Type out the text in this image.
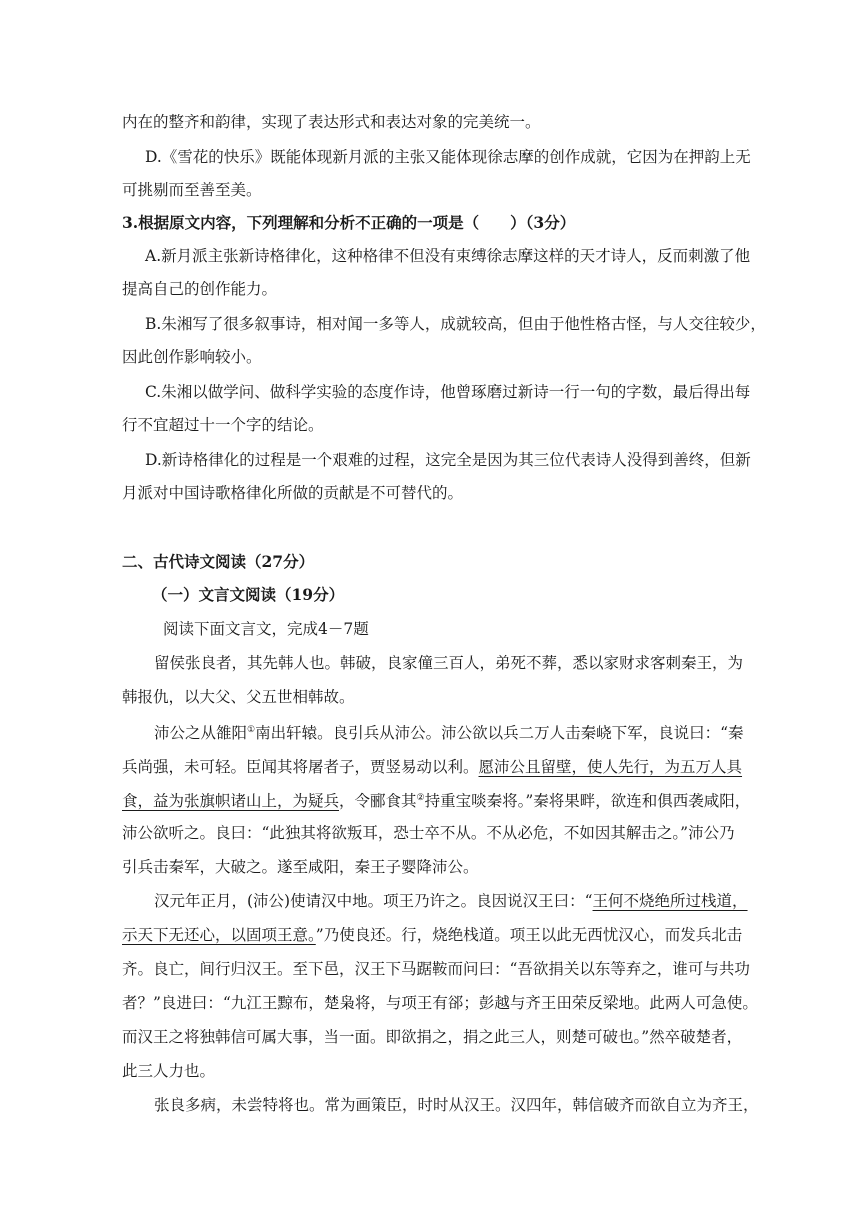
内在的整齐和韵律，实现了表达形式和表达对象的完美统一。
D.《雪花的快乐》既能体现新月派的主张又能体现徐志摩的创作成就，它因为在押韵上无
可挑剔而至善至美。
3.根据原文内容，下列理解和分析不正确的一项是（　　）（3分）
A.新月派主张新诗格律化，这种格律不但没有束缚徐志摩这样的天才诗人，反而刺激了他
提高自己的创作能力。
B.朱湘写了很多叙事诗，相对闻一多等人，成就较高，但由于他性格古怪，与人交往较少，
因此创作影响较小。
C.朱湘以做学问、做科学实验的态度作诗，他曾琢磨过新诗一行一句的字数，最后得出每
行不宜超过十一个字的结论。
D.新诗格律化的过程是一个艰难的过程，这完全是因为其三位代表诗人没得到善终，但新
月派对中国诗歌格律化所做的贡献是不可替代的。
二、古代诗文阅读（27分）
（一）文言文阅读（19分）
阅读下面文言文，完成4－7题
留侯张良者，其先韩人也。韩破，良家僮三百人，弟死不葬，悉以家财求客刺秦王，为
韩报仇，以大父、父五世相韩故。
沛公之从雒阳①南出轩辕。良引兵从沛公。沛公欲以兵二万人击秦峣下军，良说曰：“秦
兵尚强，未可轻。臣闻其将屠者子，贾竖易动以利。愿沛公且留壁，使人先行，为五万人具
食，益为张旗帜诸山上，为疑兵，令郦食其②持重宝啖秦将。”秦将果畔，欲连和俱西袭咸阳，
沛公欲听之。良曰：“此独其将欲叛耳，恐士卒不从。不从必危，不如因其解击之。”沛公乃
引兵击秦军，大破之。遂至咸阳，秦王子婴降沛公。
汉元年正月，(沛公)使请汉中地。项王乃许之。良因说汉王曰：“王何不烧绝所过栈道，
示天下无还心，以固项王意。”乃使良还。行，烧绝栈道。项王以此无西忧汉心，而发兵北击
齐。良亡，间行归汉王。至下邑，汉王下马踞鞍而问曰：“吾欲捐关以东等弃之，谁可与共功
者？”良进曰：“九江王黥布，楚枭将，与项王有郤；彭越与齐王田荣反梁地。此两人可急使。
而汉王之将独韩信可属大事，当一面。即欲捐之，捐之此三人，则楚可破也。”然卒破楚者，
此三人力也。
张良多病，未尝特将也。常为画策臣，时时从汉王。汉四年，韩信破齐而欲自立为齐王，
